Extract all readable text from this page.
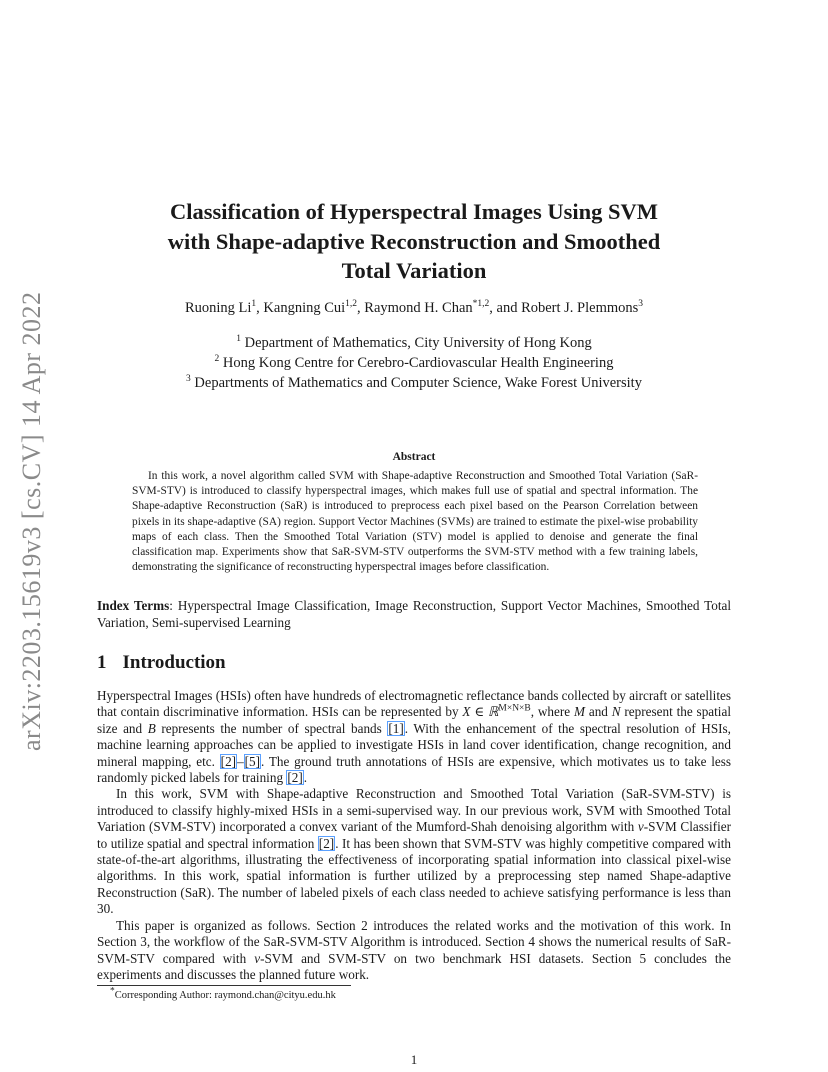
arXiv:2203.15619v3 [cs.CV] 14 Apr 2022
Classification of Hyperspectral Images Using SVM
with Shape-adaptive Reconstruction and Smoothed
Total Variation
Ruoning Li$^1$, Kangning Cui$^{1,2}$, Raymond H. Chan$^{*1,2}$, and Robert J. Plemmons$^3$
$^1$ Department of Mathematics, City University of Hong Kong
$^2$ Hong Kong Centre for Cerebro-Cardiovascular Health Engineering
$^3$ Departments of Mathematics and Computer Science, Wake Forest University
Abstract
In this work, a novel algorithm called SVM with Shape-adaptive Reconstruction and Smoothed Total Variation (SaR-SVM-STV) is introduced to classify hyperspectral images, which makes full use of spatial and spectral information. The Shape-adaptive Reconstruction (SaR) is introduced to preprocess each pixel based on the Pearson Correlation between pixels in its shape-adaptive (SA) region. Support Vector Machines (SVMs) are trained to estimate the pixel-wise probability maps of each class. Then the Smoothed Total Variation (STV) model is applied to denoise and generate the final classification map. Experiments show that SaR-SVM-STV outperforms the SVM-STV method with a few training labels, demonstrating the significance of reconstructing hyperspectral images before classification.
Index Terms: Hyperspectral Image Classification, Image Reconstruction, Support Vector Machines, Smoothed Total Variation, Semi-supervised Learning
1 Introduction

Hyperspectral Images (HSIs) often have hundreds of electromagnetic reflectance bands collected by aircraft or satellites that contain discriminative information. HSIs can be represented by X ∈ ℝ$^{M\times N\times B}$, where M and N represent the spatial size and B represents the number of spectral bands [1]. With the enhancement of the spectral resolution of HSIs, machine learning approaches can be applied to investigate HSIs in land cover identification, change recognition, and mineral mapping, etc. [2]–[5]. The ground truth annotations of HSIs are expensive, which motivates us to take less randomly picked labels for training [2].

In this work, SVM with Shape-adaptive Reconstruction and Smoothed Total Variation (SaR-SVM-STV) is introduced to classify highly-mixed HSIs in a semi-supervised way. In our previous work, SVM with Smoothed Total Variation (SVM-STV) incorporated a convex variant of the Mumford-Shah denoising algorithm with ν-SVM Classifier to utilize spatial and spectral information [2]. It has been shown that SVM-STV was highly competitive compared with state-of-the-art algorithms, illustrating the effectiveness of incorporating spatial information into classical pixel-wise algorithms. In this work, spatial information is further utilized by a preprocessing step named Shape-adaptive Reconstruction (SaR). The number of labeled pixels of each class needed to achieve satisfying performance is less than 30.

This paper is organized as follows. Section 2 introduces the related works and the motivation of this work. In Section 3, the workflow of the SaR-SVM-STV Algorithm is introduced. Section 4 shows the numerical results of SaR-SVM-STV compared with ν-SVM and SVM-STV on two benchmark HSI datasets. Section 5 concludes the experiments and discusses the planned future work.

*Corresponding Author: raymond.chan@cityu.edu.hk
1
